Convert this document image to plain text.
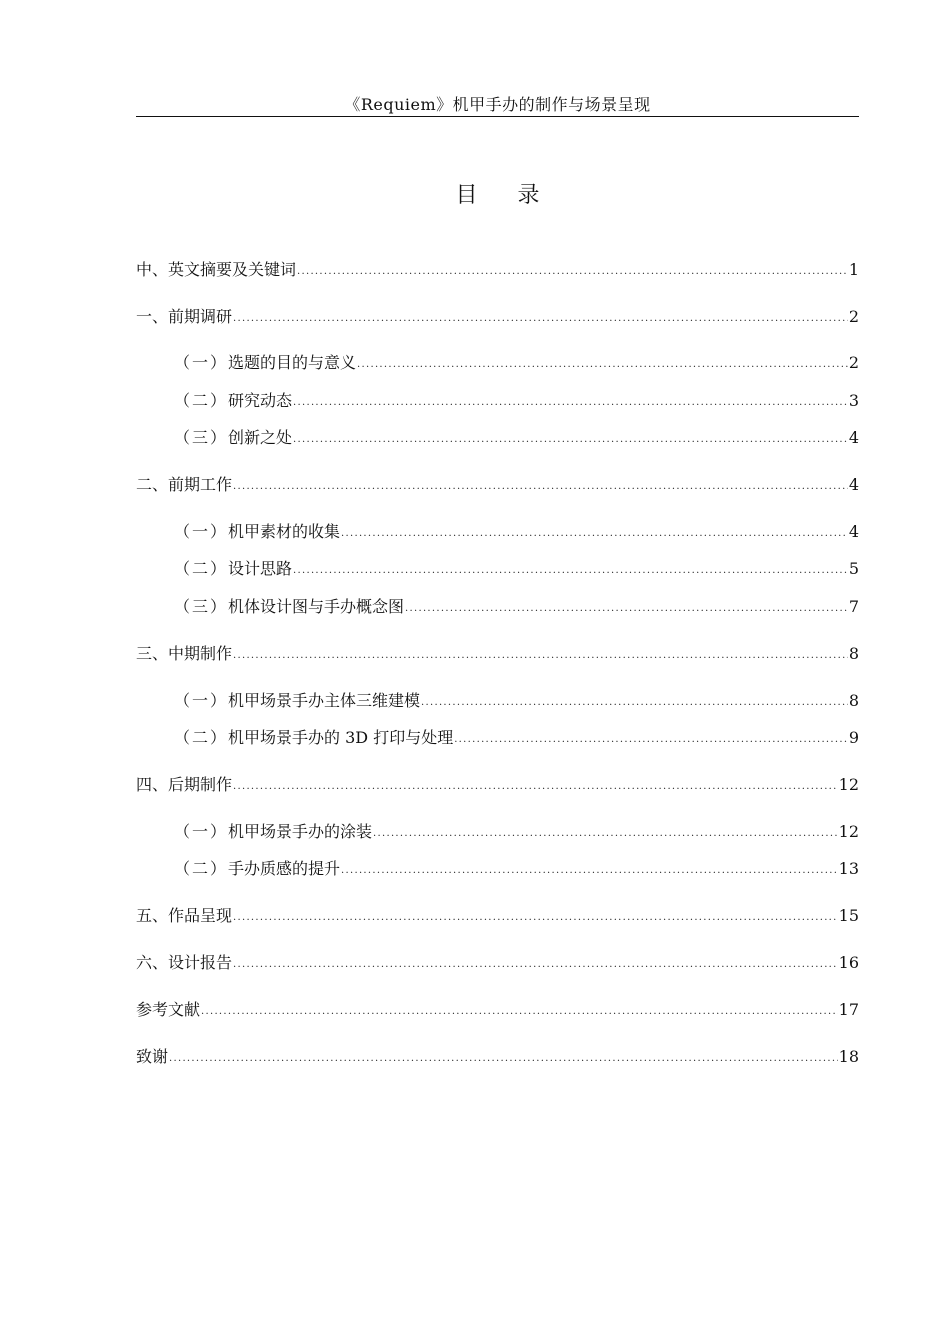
《Requiem》机甲手办的制作与场景呈现
目录
中、英文摘要及关键词 .....	1
一、前期调研 .....	2
（一） 选题的目的与意义 .....	2
（二） 研究动态 .....	3
（三） 创新之处 .....	4
二、前期工作 .....	4
（一） 机甲素材的收集 .....	4
（二） 设计思路 .....	5
（三） 机体设计图与手办概念图 .....	7
三、中期制作 .....	8
（一） 机甲场景手办主体三维建模 .....	8
（二） 机甲场景手办的 3D 打印与处理 .....	9
四、后期制作 .....	12
（一） 机甲场景手办的涂装 .....	12
（二） 手办质感的提升 .....	13
五、作品呈现 .....	15
六、设计报告 .....	16
参考文献 .....	17
致谢 .....	18
